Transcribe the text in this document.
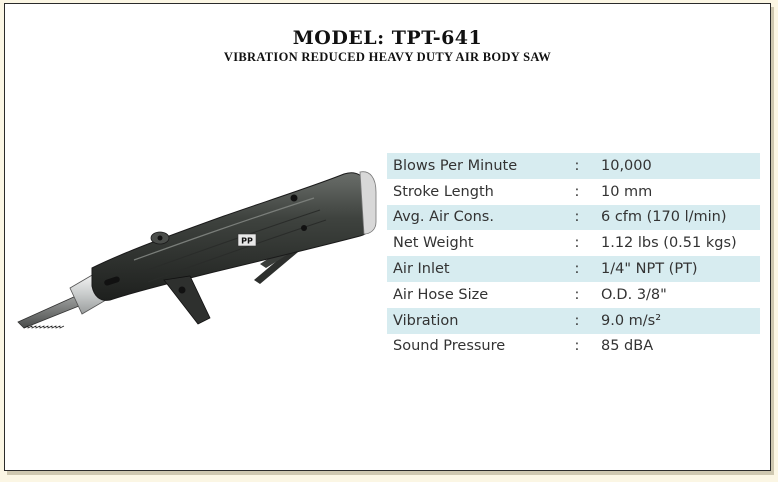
MODEL: TPT-641
VIBRATION REDUCED HEAVY DUTY AIR BODY SAW
PP
Blows Per Minute	:	10,000
Stroke Length	:	10 mm
Avg. Air Cons.	:	6 cfm (170 l/min)
Net Weight	:	1.12 lbs (0.51 kgs)
Air Inlet	:	1/4" NPT (PT)
Air Hose Size	:	O.D. 3/8"
Vibration	:	9.0 m/s²
Sound Pressure	:	85 dBA
